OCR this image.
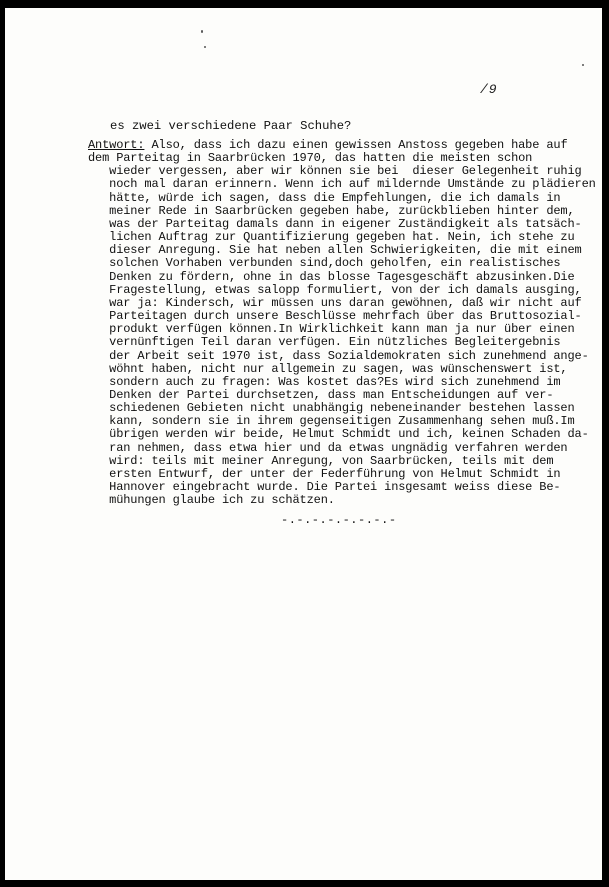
/9
es zwei verschiedene Paar Schuhe?
Antwort: Also, dass ich dazu einen gewissen Anstoss gegeben habe auf
dem Parteitag in Saarbrücken 1970, das hatten die meisten schon
wieder vergessen, aber wir können sie bei  dieser Gelegenheit ruhig
noch mal daran erinnern. Wenn ich auf mildernde Umstände zu plädieren
hätte, würde ich sagen, dass die Empfehlungen, die ich damals in
meiner Rede in Saarbrücken gegeben habe, zurückblieben hinter dem,
was der Parteitag damals dann in eigener Zuständigkeit als tatsäch-
lichen Auftrag zur Quantifizierung gegeben hat. Nein, ich stehe zu
dieser Anregung. Sie hat neben allen Schwierigkeiten, die mit einem
solchen Vorhaben verbunden sind,doch geholfen, ein realistisches
Denken zu fördern, ohne in das blosse Tagesgeschäft abzusinken.Die
Fragestellung, etwas salopp formuliert, von der ich damals ausging,
war ja: Kindersch, wir müssen uns daran gewöhnen, daß wir nicht auf
Parteitagen durch unsere Beschlüsse mehrfach über das Bruttosozial-
produkt verfügen können.In Wirklichkeit kann man ja nur über einen
vernünftigen Teil daran verfügen. Ein nützliches Begleitergebnis
der Arbeit seit 1970 ist, dass Sozialdemokraten sich zunehmend ange-
wöhnt haben, nicht nur allgemein zu sagen, was wünschenswert ist,
sondern auch zu fragen: Was kostet das?Es wird sich zunehmend im
Denken der Partei durchsetzen, dass man Entscheidungen auf ver-
schiedenen Gebieten nicht unabhängig nebeneinander bestehen lassen
kann, sondern sie in ihrem gegenseitigen Zusammenhang sehen muß.Im
übrigen werden wir beide, Helmut Schmidt und ich, keinen Schaden da-
ran nehmen, dass etwa hier und da etwas ungnädig verfahren werden
wird: teils mit meiner Anregung, von Saarbrücken, teils mit dem
ersten Entwurf, der unter der Federführung von Helmut Schmidt in
Hannover eingebracht wurde. Die Partei insgesamt weiss diese Be-
mühungen glaube ich zu schätzen.
-.-.-.-.-.-.-.-
